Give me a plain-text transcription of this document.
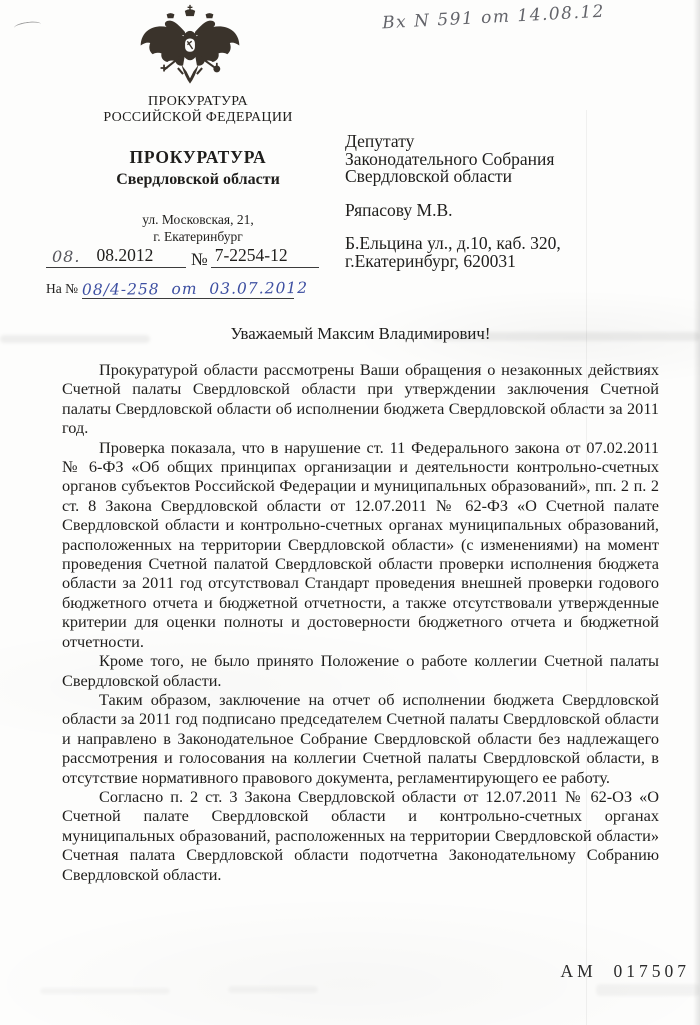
Вх N 591 от 14.08.12
ПРОКУРАТУРА
РОССИЙСКОЙ ФЕДЕРАЦИИ
ПРОКУРАТУРА
Свердловской области
ул. Московская, 21,
г. Екатеринбург
08. 08.2012 № 7-2254-12
На № 08/4-258  от  03.07.2012
Депутату
Законодательного Собрания
Свердловской области
Ряпасову М.В.
Б.Ельцина ул., д.10, каб. 320,
г.Екатеринбург, 620031
Уважаемый Максим Владимирович!

Прокуратурой области рассмотрены Ваши обращения о незаконных действиях Счетной палаты Свердловской области при утверждении заключения Счетной палаты Свердловской области об исполнении бюджета Свердловской области за 2011 год.

Проверка показала, что в нарушение ст. 11 Федерального закона от 07.02.2011 № 6-ФЗ «Об общих принципах организации и деятельности контрольно-счетных органов субъектов Российской Федерации и муниципальных образований», пп. 2 п. 2 ст. 8 Закона Свердловской области от 12.07.2011 № 62-ФЗ «О Счетной палате Свердловской области и контрольно-счетных органах муниципальных образований, расположенных на территории Свердловской области» (с изменениями) на момент проведения Счетной палатой Свердловской области проверки исполнения бюджета области за 2011 год отсутствовал Стандарт проведения внешней проверки годового бюджетного отчета и бюджетной отчетности, а также отсутствовали утвержденные критерии для оценки полноты и достоверности бюджетного отчета и бюджетной отчетности.

Кроме того, не было принято Положение о работе коллегии Счетной палаты Свердловской области.

Таким образом, заключение на отчет об исполнении бюджета Свердловской области за 2011 год подписано председателем Счетной палаты Свердловской области и направлено в Законодательное Собрание Свердловской области без надлежащего рассмотрения и голосования на коллегии Счетной палаты Свердловской области, в отсутствие нормативного правового документа, регламентирующего ее работу.

Согласно п. 2 ст. 3 Закона Свердловской области от 12.07.2011 № 62-ОЗ «О Счетной палате Свердловской области и контрольно-счетных органах муниципальных образований, расположенных на территории Свердловской области» Счетная палата Свердловской области подотчетна Законодательному Собранию Свердловской области.

АМ  017507
